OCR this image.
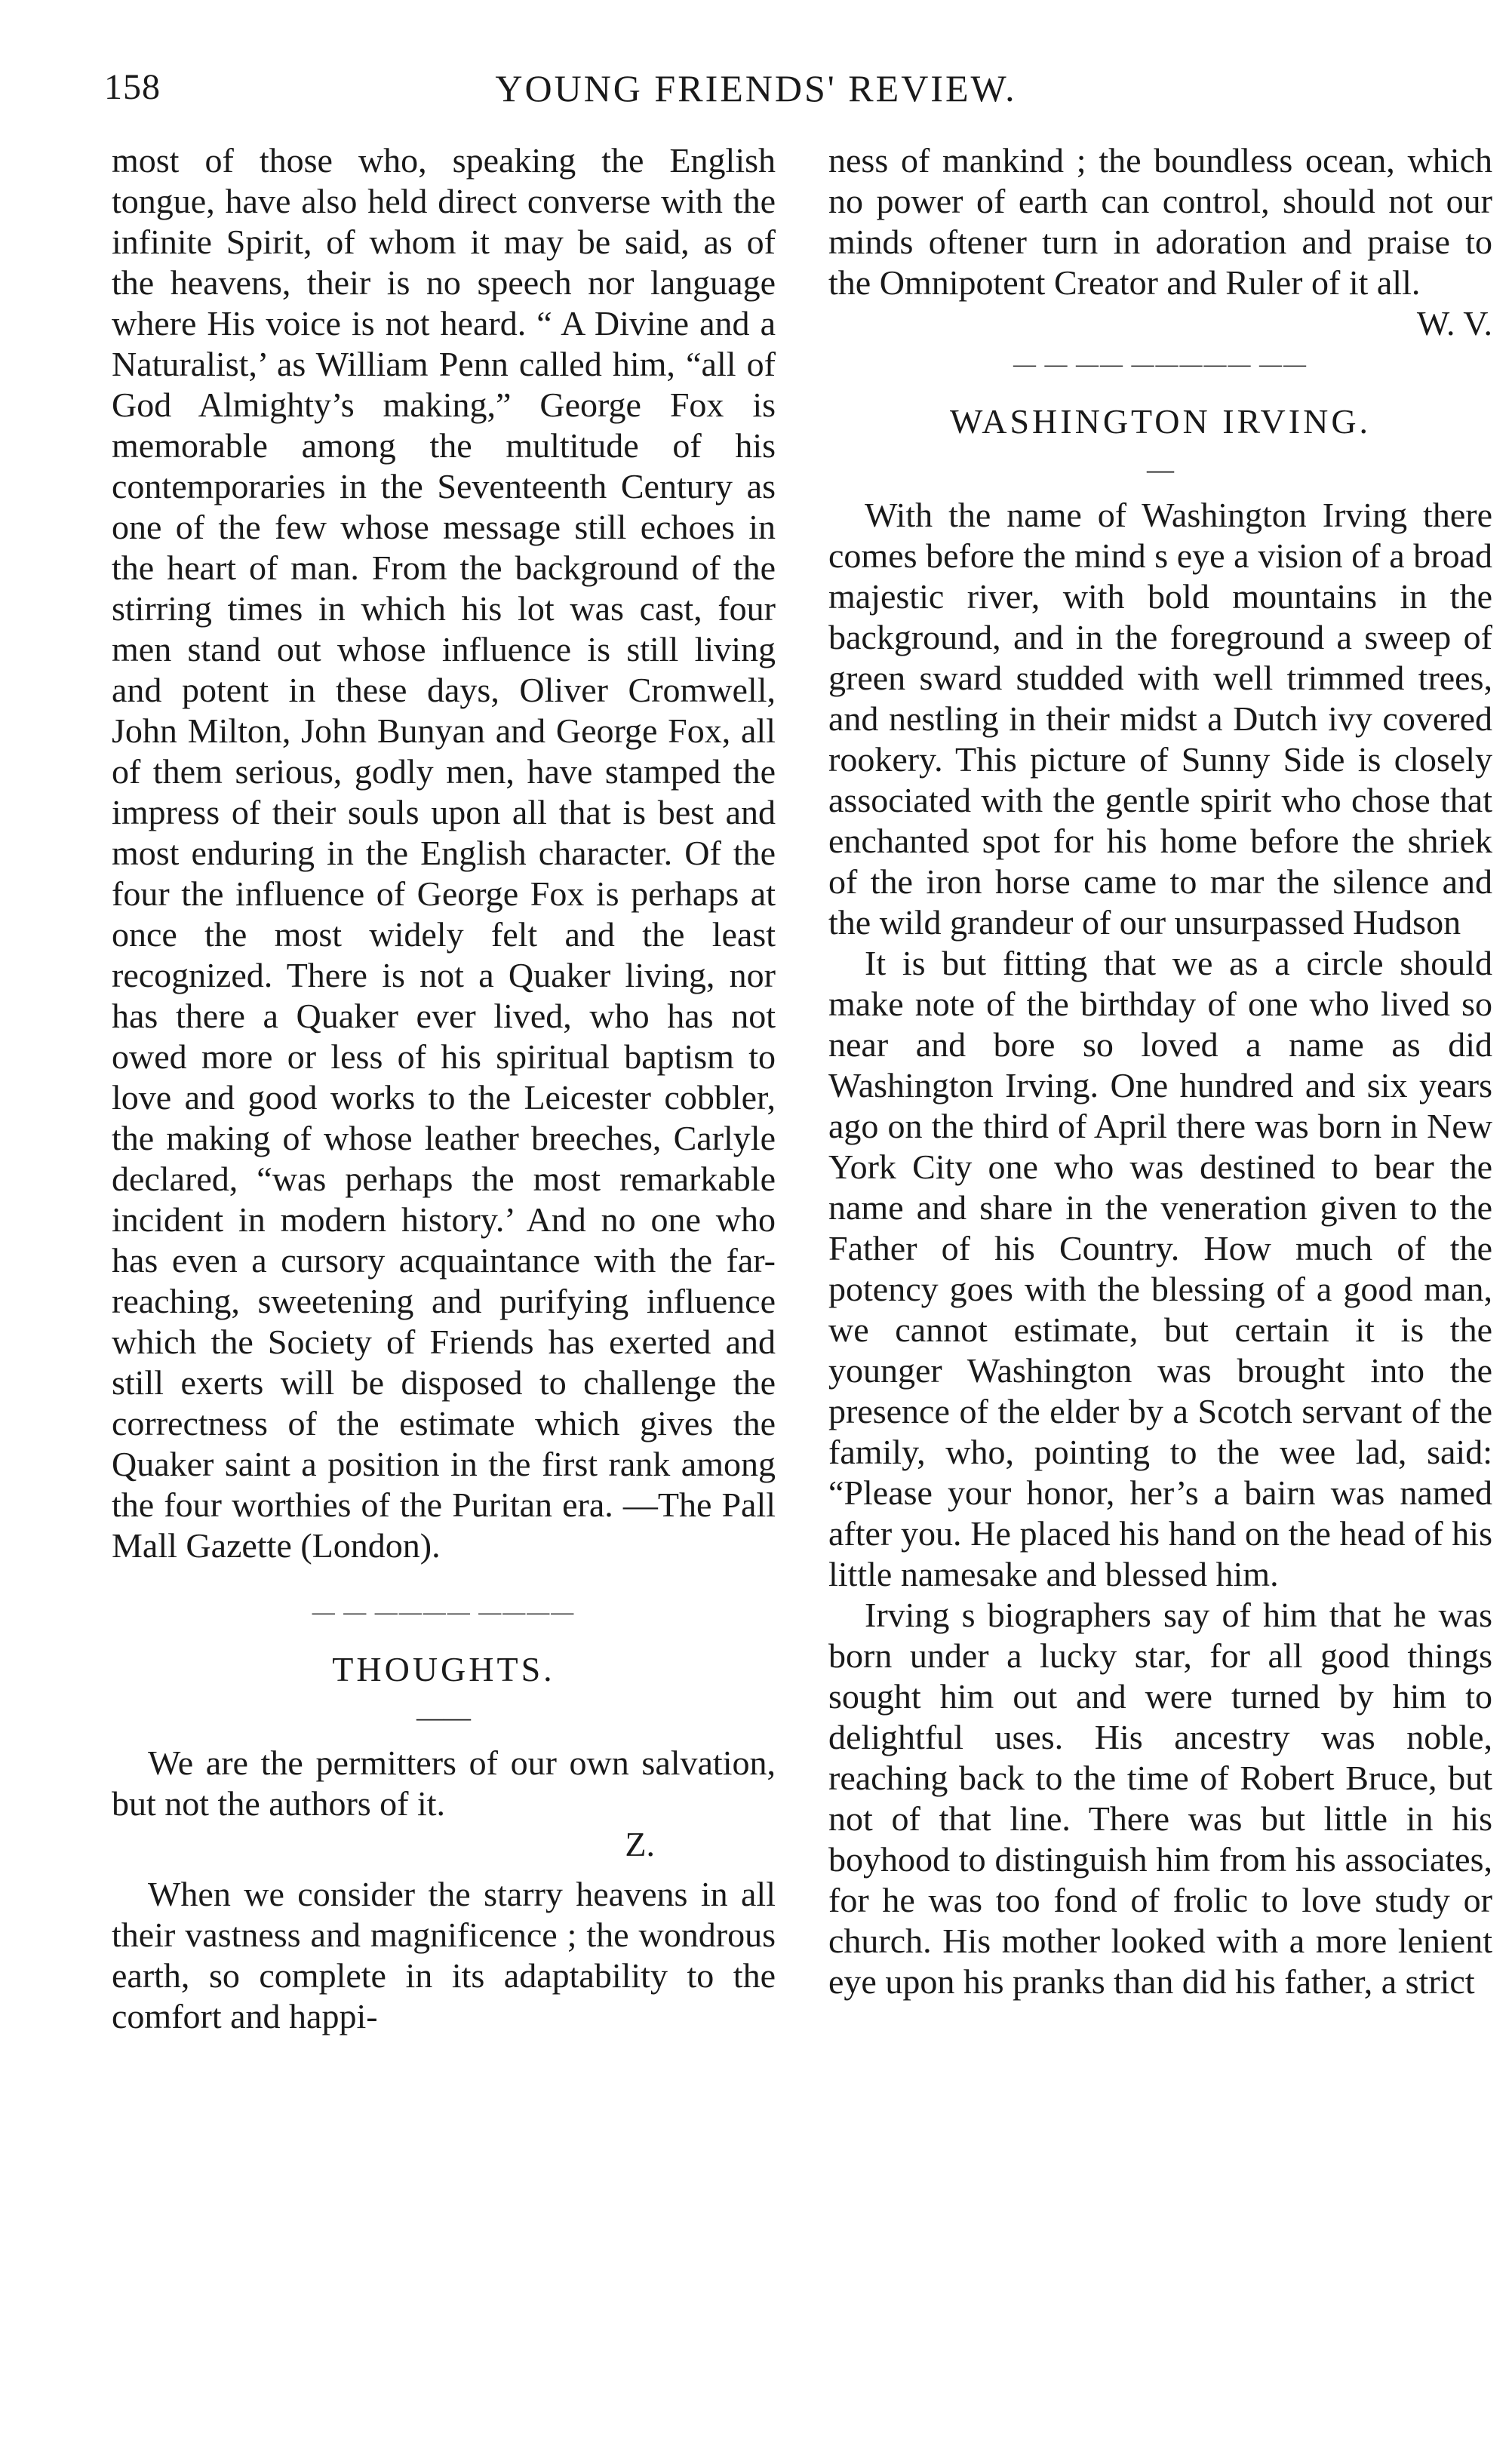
158	YOUNG FRIENDS' REVIEW.

most of those who, speaking the English tongue, have also held direct converse with the infinite Spirit, of whom it may be said, as of the heavens, their is no speech nor language where His voice is not heard. “ A Divine and a Naturalist,’ as William Penn called him, “all of God Almighty’s making,” George Fox is memorable among the multitude of his contemporaries in the Seventeenth Century as one of the few whose message still echoes in the heart of man. From the background of the stirring times in which his lot was cast, four men stand out whose influence is still living and potent in these days, Oliver Cromwell, John Milton, John Bunyan and George Fox, all of them serious, godly men, have stamped the impress of their souls upon all that is best and most enduring in the English character. Of the four the influence of George Fox is perhaps at once the most widely felt and the least recognized. There is not a Quaker living, nor has there a Quaker ever lived, who has not owed more or less of his spiritual baptism to love and good works to the Leicester cobbler, the making of whose leather breeches, Carlyle declared, “was perhaps the most remarkable incident in modern history.’ And no one who has even a cursory acquaintance with the far-reaching, sweetening and purifying influence which the Society of Friends has exerted and still exerts will be disposed to challenge the correctness of the estimate which gives the Quaker saint a position in the first rank among the four worthies of the Puritan era. —The Pall Mall Gazette (London).

— — ———— ————
THOUGHTS.
——

We are the permitters of our own salvation, but not the authors of it.

Z.

When we consider the starry heavens in all their vastness and magnificence ; the wondrous earth, so complete in its adaptability to the comfort and happi-

ness of mankind ; the boundless ocean, which no power of earth can control, should not our minds oftener turn in adoration and praise to the Omnipotent Creator and Ruler of it all.

W. V.

— — —— ————— ——
WASHINGTON IRVING.
—

With the name of Washington Irving there comes before the mind s eye a vision of a broad majestic river, with bold mountains in the background, and in the foreground a sweep of green sward studded with well trimmed trees, and nestling in their midst a Dutch ivy covered rookery. This picture of Sunny Side is closely associated with the gentle spirit who chose that enchanted spot for his home before the shriek of the iron horse came to mar the silence and the wild grandeur of our unsurpassed Hudson

It is but fitting that we as a circle should make note of the birthday of one who lived so near and bore so loved a name as did Washington Irving. One hundred and six years ago on the third of April there was born in New York City one who was destined to bear the name and share in the veneration given to the Father of his Country. How much of the potency goes with the blessing of a good man, we cannot estimate, but certain it is the younger Washington was brought into the presence of the elder by a Scotch servant of the family, who, pointing to the wee lad, said: “Please your honor, her’s a bairn was named after you. He placed his hand on the head of his little namesake and blessed him.

Irving s biographers say of him that he was born under a lucky star, for all good things sought him out and were turned by him to delightful uses. His ancestry was noble, reaching back to the time of Robert Bruce, but not of that line. There was but little in his boyhood to distinguish him from his associates, for he was too fond of frolic to love study or church. His mother looked with a more lenient eye upon his pranks than did his father, a strict
